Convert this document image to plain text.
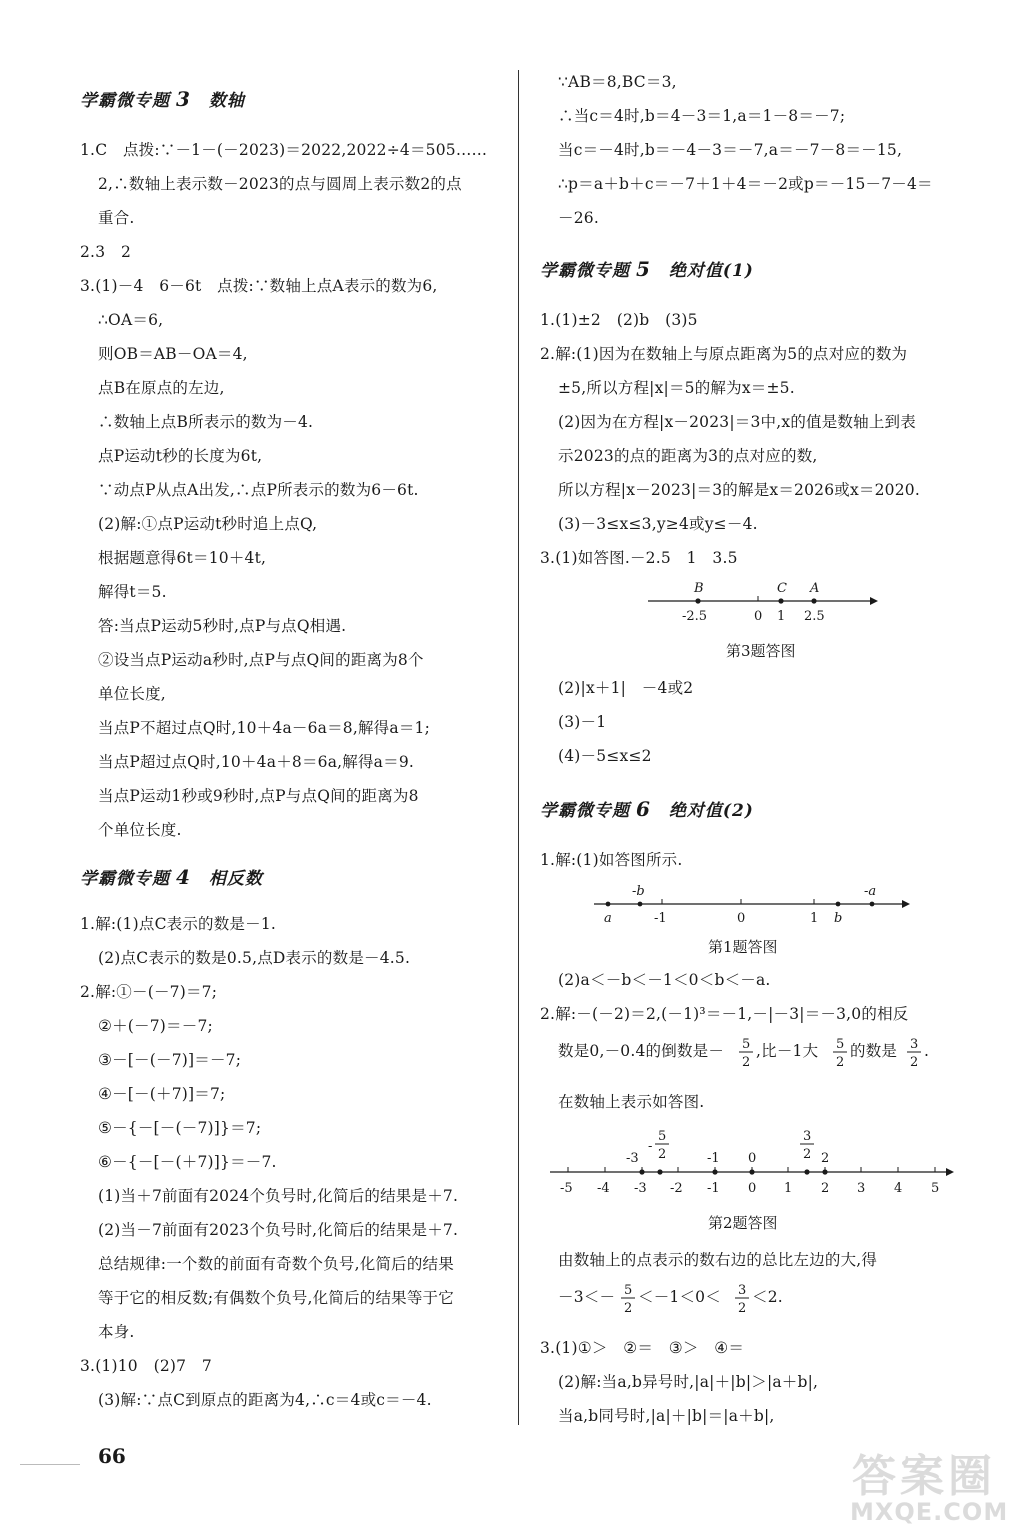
学霸微专题 3 数轴
1.C　点拨:∵－1－(－2023)＝2022,2022÷4＝505……
2,∴数轴上表示数－2023的点与圆周上表示数2的点
重合.
2.3　2
3.(1)－4　6－6t　点拨:∵数轴上点A表示的数为6,
∴OA＝6,
则OB＝AB－OA＝4,
点B在原点的左边,
∴数轴上点B所表示的数为－4.
点P运动t秒的长度为6t,
∵动点P从点A出发,∴点P所表示的数为6－6t.
(2)解:①点P运动t秒时追上点Q,
根据题意得6t＝10＋4t,
解得t＝5.
答:当点P运动5秒时,点P与点Q相遇.
②设当点P运动a秒时,点P与点Q间的距离为8个
单位长度,
当点P不超过点Q时,10＋4a－6a＝8,解得a＝1;
当点P超过点Q时,10＋4a＋8＝6a,解得a＝9.
当点P运动1秒或9秒时,点P与点Q间的距离为8
个单位长度.
学霸微专题 4 相反数
1.解:(1)点C表示的数是－1.
(2)点C表示的数是0.5,点D表示的数是－4.5.
2.解:①－(－7)＝7;
②＋(－7)＝－7;
③－[－(－7)]＝－7;
④－[－(＋7)]＝7;
⑤－{－[－(－7)]}＝7;
⑥－{－[－(＋7)]}＝－7.
(1)当＋7前面有2024个负号时,化简后的结果是＋7.
(2)当－7前面有2023个负号时,化简后的结果是＋7.
总结规律:一个数的前面有奇数个负号,化简后的结果
等于它的相反数;有偶数个负号,化简后的结果等于它
本身.
3.(1)10　(2)7　7
(3)解:∵点C到原点的距离为4,∴c＝4或c＝－4.
∵AB＝8,BC＝3,
∴当c＝4时,b＝4－3＝1,a＝1－8＝－7;
当c＝－4时,b＝－4－3＝－7,a＝－7－8＝－15,
∴p＝a＋b＋c＝－7＋1＋4＝－2或p＝－15－7－4＝
－26.
学霸微专题 5 绝对值(1)
1.(1)±2　(2)b　(3)5
2.解:(1)因为在数轴上与原点距离为5的点对应的数为
±5,所以方程|x|＝5的解为x＝±5.
(2)因为在方程|x－2023|＝3中,x的值是数轴上到表
示2023的点的距离为3的点对应的数,
所以方程|x－2023|＝3的解是x＝2026或x＝2020.
(3)－3≤x≤3,y≥4或y≤－4.
3.(1)如答图.－2.5　1　3.5
B	C A
-2.5	0 1 2.5
第3题答图
(2)|x＋1|　－4或2
(3)－1
(4)－5≤x≤2
学霸微专题 6 绝对值(2)
1.解:(1)如答图所示.
-b	-a
a	-1	0	1 b
第1题答图
(2)a＜－b＜－1＜0＜b＜－a.
2.解:－(－2)＝2,(－1)³＝－1,－|－3|＝－3,0的相反
数是0,－0.4的倒数是－ 5
2
,比－1大 5
2
的数是 3
2
.
在数轴上表示如答图.
-3
-
5
2	-1 0
3
2 2
-5 -4 -3 -2 -1 0 1 2 3 4 5
第2题答图
由数轴上的点表示的数右边的总比左边的大,得
－3＜－ 5
2
＜－1＜0＜ 3
2
＜2.
3.(1)①＞　②＝　③＞　④＝
(2)解:当a,b异号时,|a|＋|b|＞|a＋b|,
当a,b同号时,|a|＋|b|＝|a＋b|,
66	答案圈
MXQE.COM
